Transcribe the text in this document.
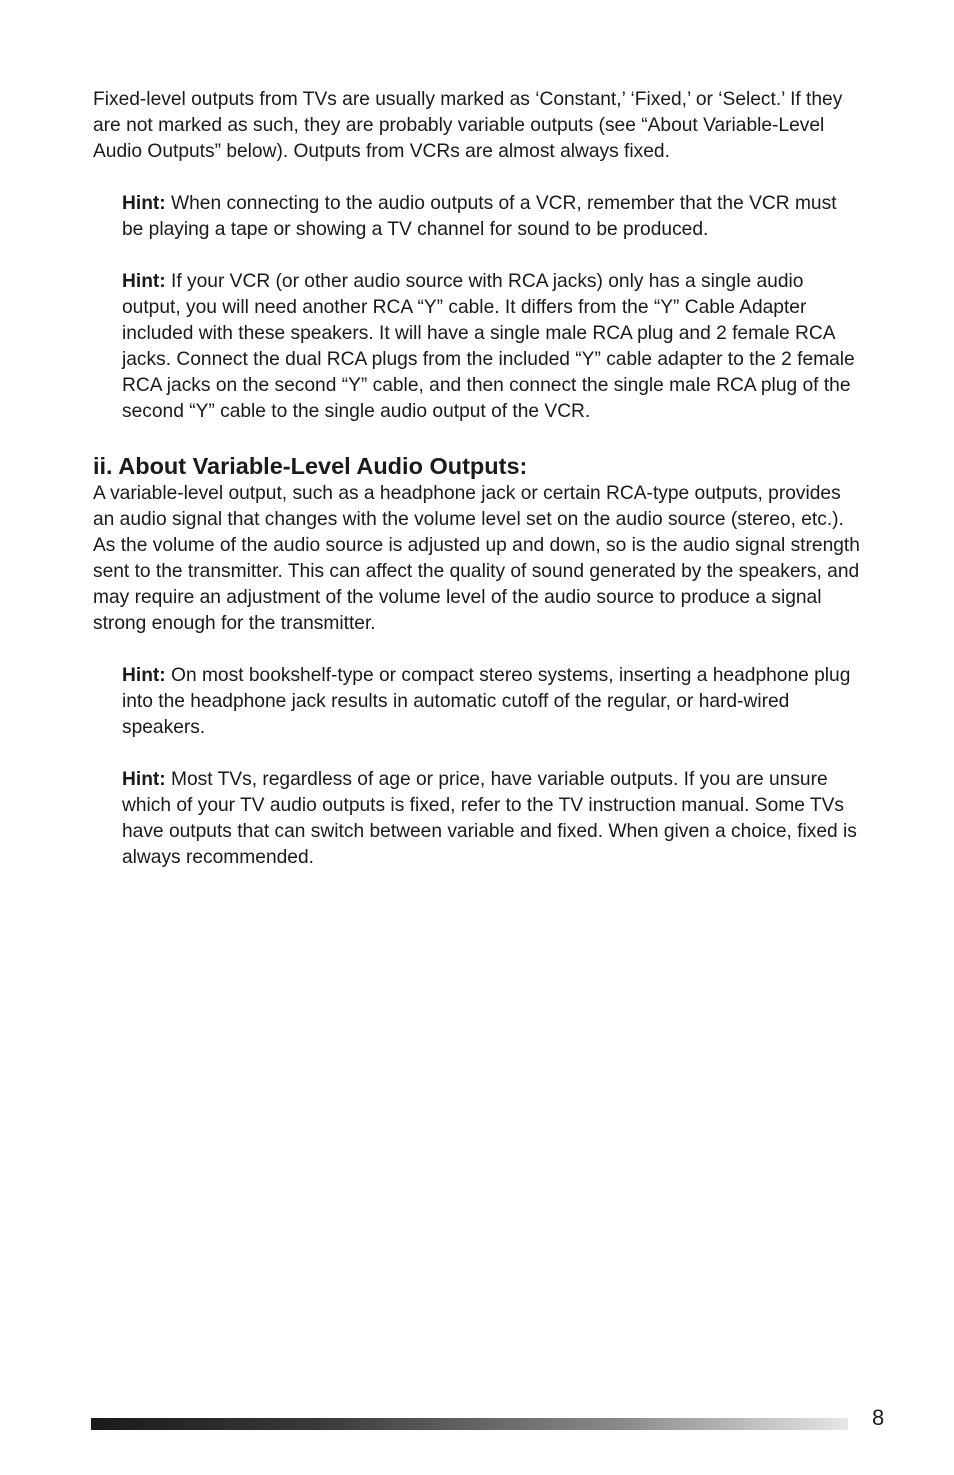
Fixed-level outputs from TVs are usually marked as ‘Constant,’ ‘Fixed,’ or ‘Select.’ If they are not marked as such, they are probably variable outputs (see “About Variable-Level Audio Outputs” below). Outputs from VCRs are almost always fixed.

Hint: When connecting to the audio outputs of a VCR, remember that the VCR must be playing a tape or showing a TV channel for sound to be produced.

Hint: If your VCR (or other audio source with RCA jacks) only has a single audio output, you will need another RCA “Y” cable. It differs from the “Y” Cable Adapter included with these speakers. It will have a single male RCA plug and 2 female RCA jacks. Connect the dual RCA plugs from the included “Y” cable adapter to the 2 female RCA jacks on the second “Y” cable, and then connect the single male RCA plug of the second “Y” cable to the single audio output of the VCR.

ii. About Variable-Level Audio Outputs:

A variable-level output, such as a headphone jack or certain RCA-type outputs, provides an audio signal that changes with the volume level set on the audio source (stereo, etc.). As the volume of the audio source is adjusted up and down, so is the audio signal strength sent to the transmitter. This can affect the quality of sound generated by the speakers, and may require an adjustment of the volume level of the audio source to produce a signal strong enough for the transmitter.

Hint: On most bookshelf-type or compact stereo systems, inserting a headphone plug into the headphone jack results in automatic cutoff of the regular, or hard-wired speakers.

Hint: Most TVs, regardless of age or price, have variable outputs. If you are unsure which of your TV audio outputs is fixed, refer to the TV instruction manual. Some TVs have outputs that can switch between variable and fixed. When given a choice, fixed is always recommended.

8
